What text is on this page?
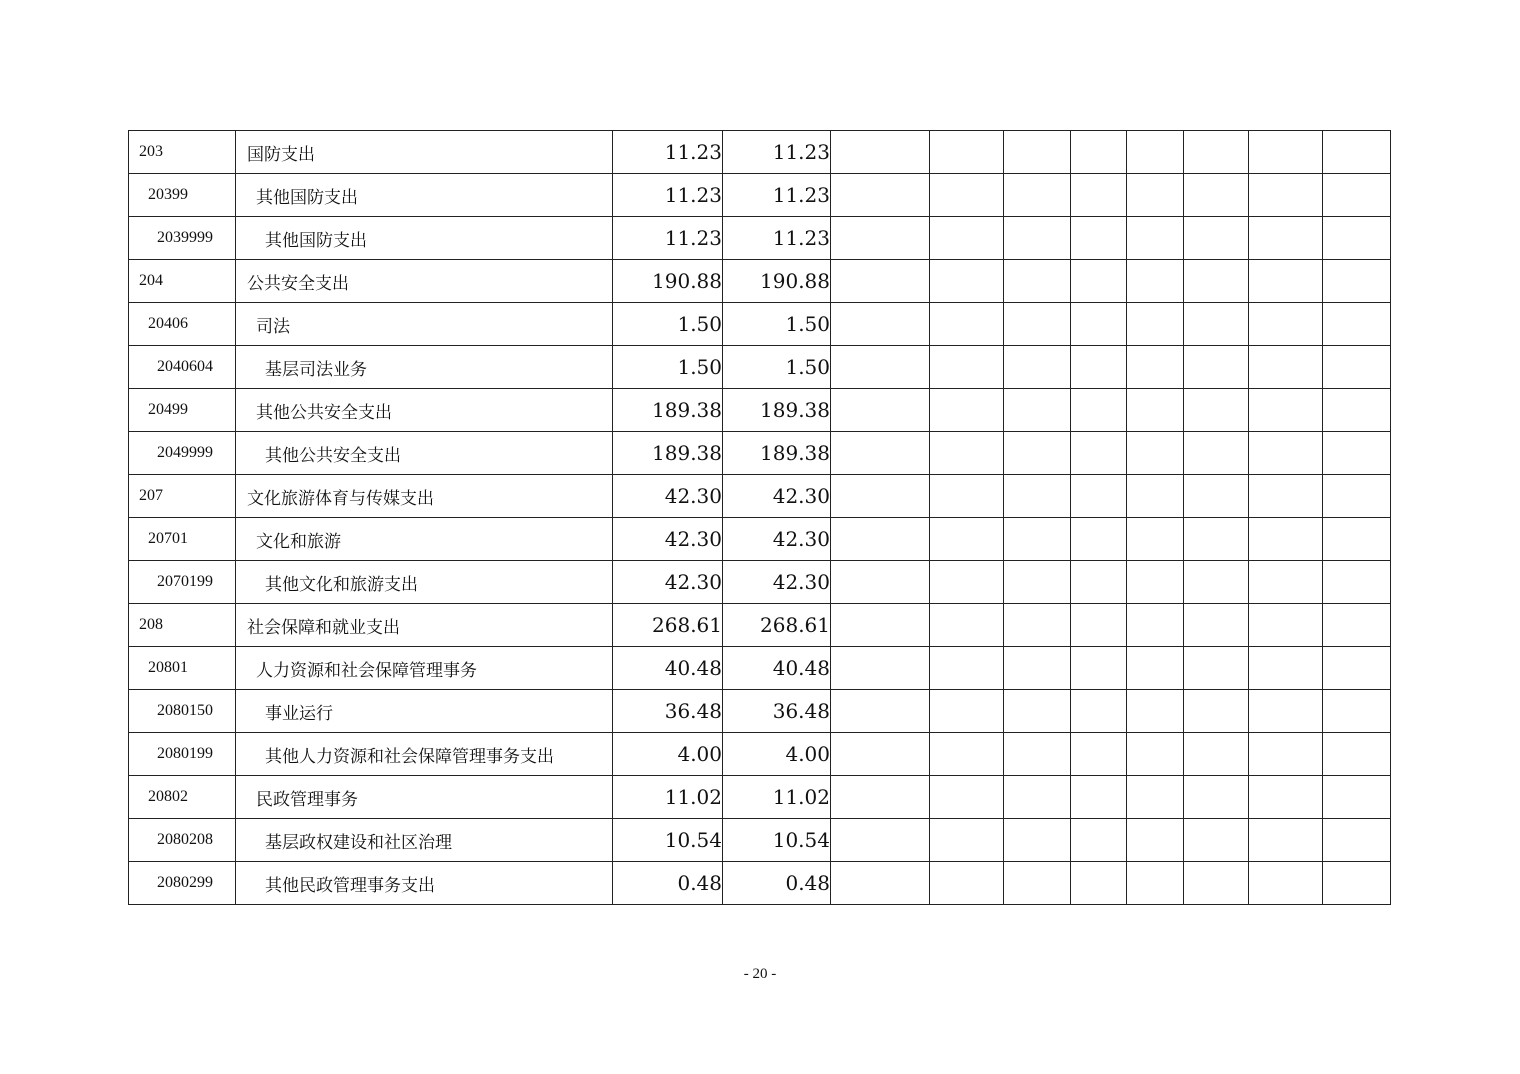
203	国防支出	11.23	11.23								
20399	其他国防支出	11.23	11.23								
2039999	其他国防支出	11.23	11.23								
204	公共安全支出	190.88	190.88								
20406	司法	1.50	1.50								
2040604	基层司法业务	1.50	1.50								
20499	其他公共安全支出	189.38	189.38								
2049999	其他公共安全支出	189.38	189.38								
207	文化旅游体育与传媒支出	42.30	42.30								
20701	文化和旅游	42.30	42.30								
2070199	其他文化和旅游支出	42.30	42.30								
208	社会保障和就业支出	268.61	268.61								
20801	人力资源和社会保障管理事务	40.48	40.48								
2080150	事业运行	36.48	36.48								
2080199	其他人力资源和社会保障管理事务支出	4.00	4.00								
20802	民政管理事务	11.02	11.02								
2080208	基层政权建设和社区治理	10.54	10.54								
2080299	其他民政管理事务支出	0.48	0.48								
- 20 -
